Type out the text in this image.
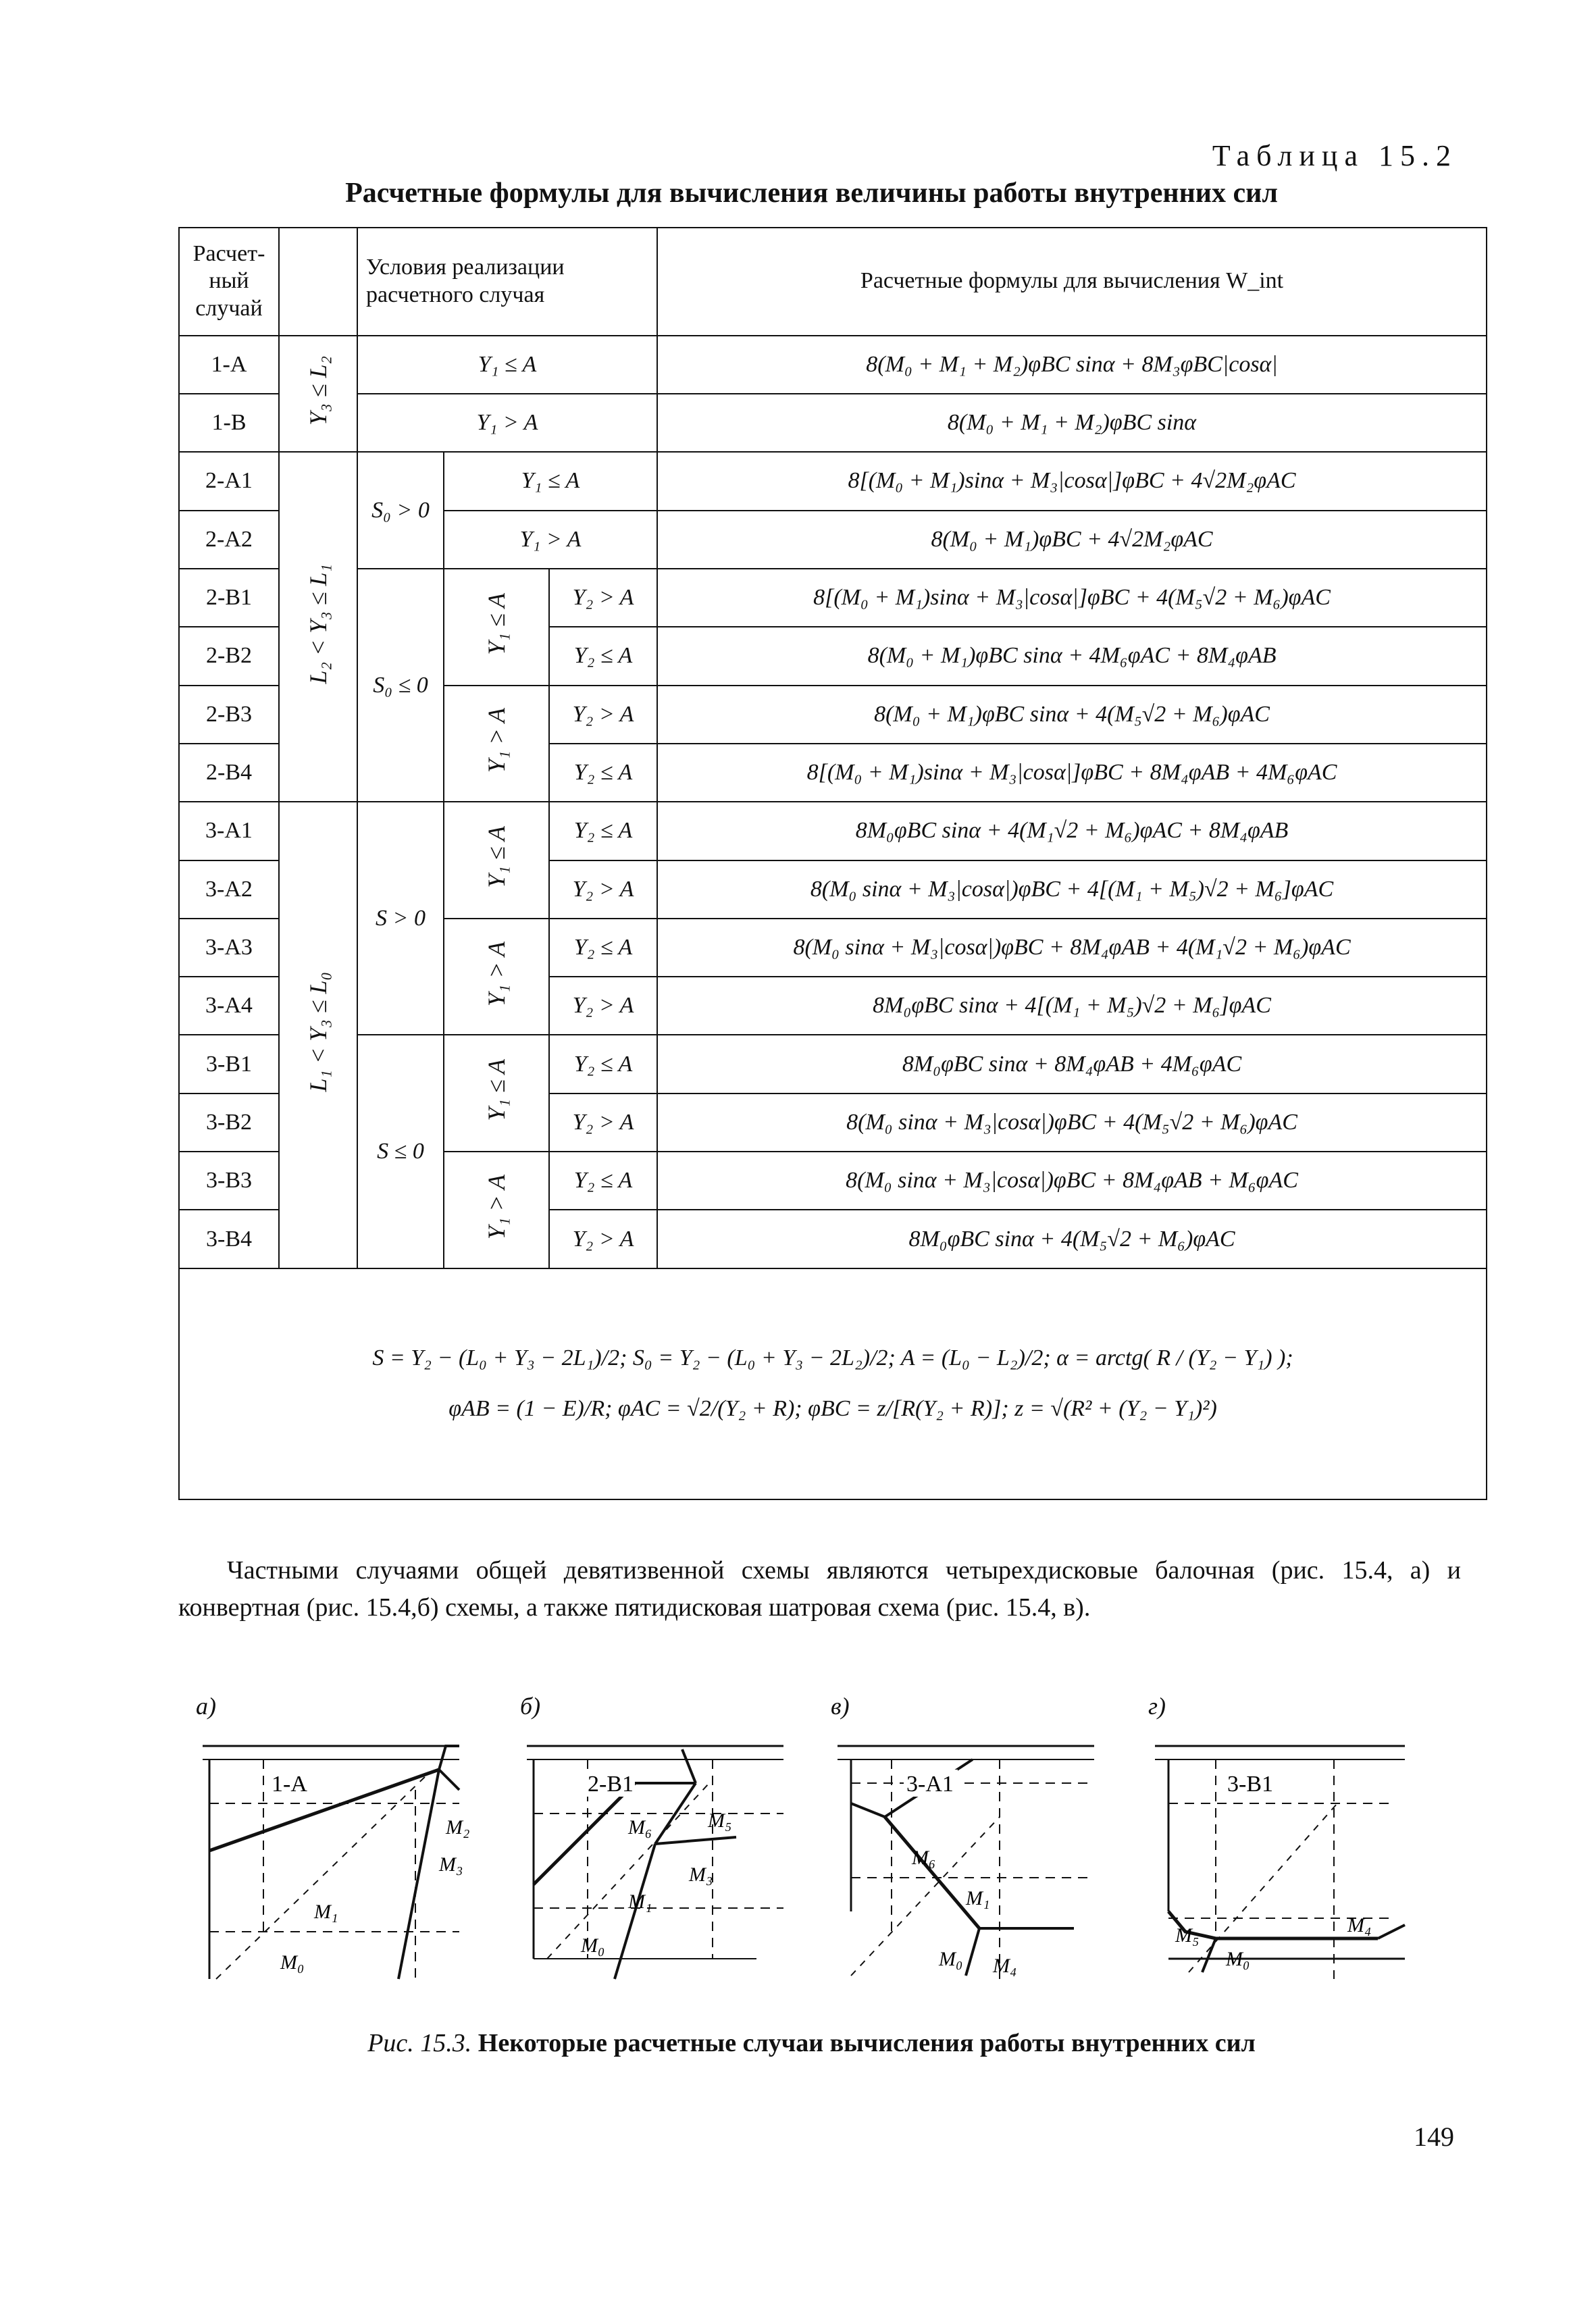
Таблица 15.2
Расчетные формулы для вычисления величины работы внутренних сил
Расчет-ный случай		Условия реализации расчетного случая			Расчетные формулы для вычисления W_int
1-А	Y₃ ≤ L₂	Y₁ ≤ A			8(M₀ + M₁ + M₂)φBC sinα + 8M₃φBC|cosα|
1-В		Y₁ > A			8(M₀ + M₁ + M₂)φBC sinα
2-А1	L₂ < Y₃ ≤ L₁	S₀ > 0	Y₁ ≤ A		8[(M₀ + M₁)sinα + M₃|cosα|]φBC + 4√2M₂φAC
2-А2			Y₁ > A		8(M₀ + M₁)φBC + 4√2M₂φAC
2-В1		S₀ ≤ 0	Y₁ ≤ A	Y₂ > A	8[(M₀ + M₁)sinα + M₃|cosα|]φBC + 4(M₅√2 + M₆)φAC
2-В2				Y₂ ≤ A	8(M₀ + M₁)φBC sinα + 4M₆φAC + 8M₄φAB
2-В3			Y₁ > A	Y₂ > A	8(M₀ + M₁)φBC sinα + 4(M₅√2 + M₆)φAC
2-В4				Y₂ ≤ A	8[(M₀ + M₁)sinα + M₃|cosα|]φBC + 8M₄φAB + 4M₆φAC
3-А1	L₁ < Y₃ ≤ L₀	S > 0	Y₁ ≤ A	Y₂ ≤ A	8M₀φBC sinα + 4(M₁√2 + M₆)φAC + 8M₄φAB
3-А2				Y₂ > A	8(M₀ sinα + M₃|cosα|)φBC + 4[(M₁ + M₅)√2 + M₆]φAC
3-А3			Y₁ > A	Y₂ ≤ A	8(M₀ sinα + M₃|cosα|)φBC + 8M₄φAB + 4(M₁√2 + M₆)φAC
3-А4				Y₂ > A	8M₀φBC sinα + 4[(M₁ + M₅)√2 + M₆]φAC
3-В1		S ≤ 0	Y₁ ≤ A	Y₂ ≤ A	8M₀φBC sinα + 8M₄φAB + 4M₆φAC
3-В2				Y₂ > A	8(M₀ sinα + M₃|cosα|)φBC + 4(M₅√2 + M₆)φAC
3-В3			Y₁ > A	Y₂ ≤ A	8(M₀ sinα + M₃|cosα|)φBC + 8M₄φAB + M₆φAC
3-В4				Y₂ > A	8M₀φBC sinα + 4(M₅√2 + M₆)φAC

S = Y₂ − (L₀ + Y₃ − 2L₁)/2; S₀ = Y₂ − (L₀ + Y₃ − 2L₂)/2; A = (L₀ − L₂)/2; α = arctg( R / (Y₂ − Y₁) );
φAB = (1 − E)/R; φAC = √2/(Y₂ + R); φBC = z/[R(Y₂ + R)]; z = √(R² + (Y₂ − Y₁)²)					
Частными случаями общей девятизвенной схемы являются четырехдисковые балочная (рис. 15.4, а) и конвертная (рис. 15.4,б) схемы, а также пятидисковая шатровая схема (рис. 15.4, в).
а)
1-А
M₂
M₃
M₁
M₀
б)
2-В1
M₆	M₅
M₃
M₁
M₀
в)
3-А1
M₆
M₁
M₀ M₄
г)
3-В1
M₅
M₀
M₄
Рис. 15.3. Некоторые расчетные случаи вычисления работы внутренних сил
149
